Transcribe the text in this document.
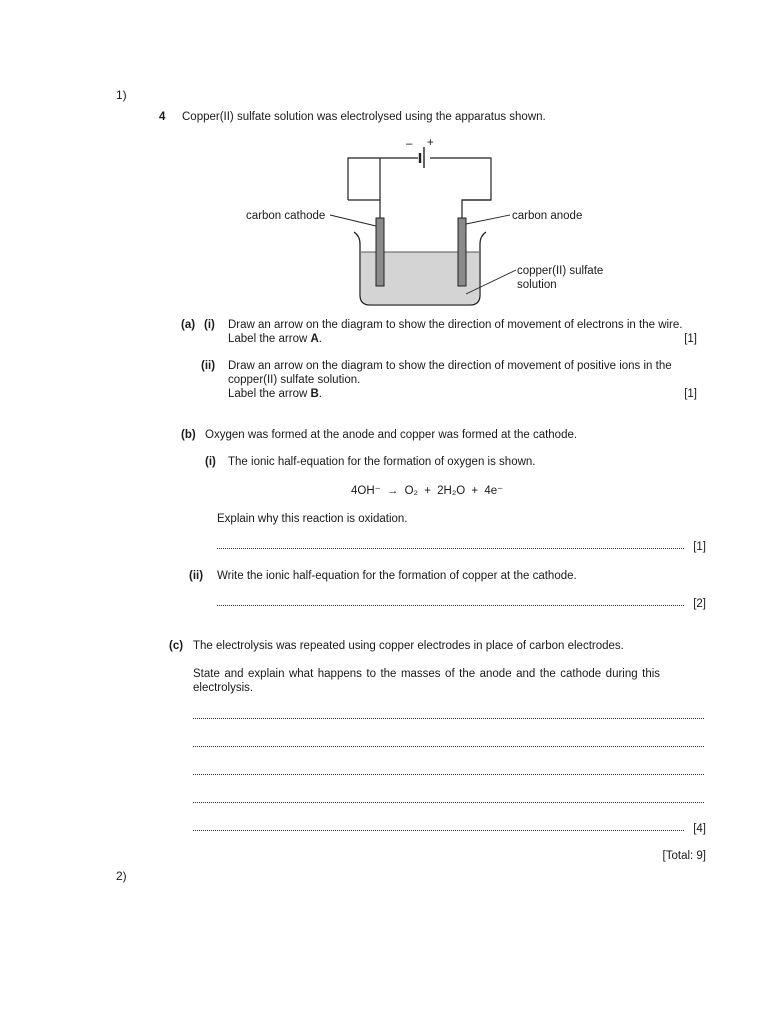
1)
2)
4 Copper(II) sulfate solution was electrolysed using the apparatus shown.
– +
carbon cathode	carbon anode
copper(II) sulfate
solution
(a) (i) Draw an arrow on the diagram to show the direction of movement of electrons in the wire.
Label the arrow A.	[1]
(ii) Draw an arrow on the diagram to show the direction of movement of positive ions in the
copper(II) sulfate solution.
Label the arrow B.	[1]
(b) Oxygen was formed at the anode and copper was formed at the cathode.
(i) The ionic half-equation for the formation of oxygen is shown.
4OH⁻ → O₂ + 2H₂O + 4e⁻
Explain why this reaction is oxidation.
[1]
(ii) Write the ionic half-equation for the formation of copper at the cathode.
[2]
(c) The electrolysis was repeated using copper electrodes in place of carbon electrodes.
State and explain what happens to the masses of the anode and the cathode during this
electrolysis.
[4]
[Total: 9]
